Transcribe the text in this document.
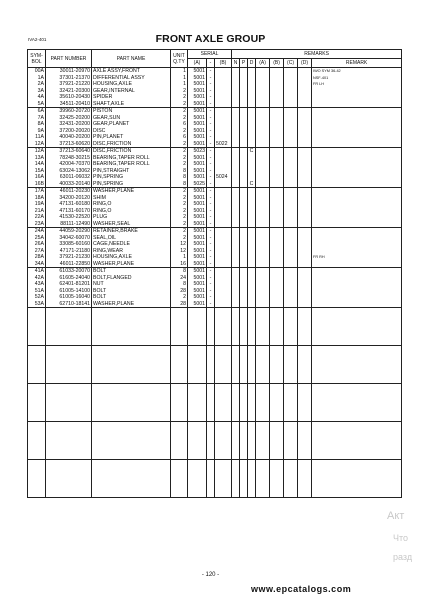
IVA2-401	FRONT AXLE GROUP
SYM-
BOL	PART NUMBER	PART NAME	UNIT
Q.TY	SERIAL			REMARKS							
				(A)	-	(B)	N	P	D	(A)	(B)	(C)	(D)	REMARK
00A	30011-20970	AXLE ASSY,FRONT	1	5001	-									IWO SYM 36-42
1A	37301-21370	DIFFERENTIAL ASSY	1	5001	-									NSF-401
2A	37921-21220	HOUSING,AXLE	1	5001	-									FR LH
3A	32421-20300	GEAR,INTERNAL	2	5001	-									
4A	35610-20430	SPIDER	2	5001	-									
5A	34511-20410	SHAFT,AXLE	2	5001	-									
6A	39960-20720	PISTON	2	5001	-									
7A	32425-20200	GEAR,SUN	2	5001	-									
8A	32431-20200	GEAR,PLANET	6	5001	-									
9A	37200-20020	DISC	2	5001	-									
11A	40040-20200	PIN,PLANET	6	5001	-									
12A	37213-60620	DISC,FRICTION	2	5001	-	5022								
12A	37213-60640	DISC,FRICTION	2	5023	-				C					
13A	78248-30215	BEARING,TAPER ROLL	2	5001	-									
14A	42004-70370	BEARING,TAPER ROLL	2	5001	-									
15A	63024-13062	PIN,STRAIGHT	8	5001	-									
16A	63011-06032	PIN,SPRING	8	5001	-	5024								
16B	40033-20140	PIN,SPRING	8	5025	-				C					
17A	46011-20230	WASHER,PLANE	2	5001	-									
18A	34200-20120	SHIM	2	5001	-									
19A	47131-60180	RING,O	2	5001	-									
21A	47131-60170	RING,O	2	5001	-									
22A	41530-22520	PLUG	2	5001	-									
23A	88111-12490	WASHER,SEAL	2	5001	-									
24A	44059-20290	RETAINER,BRAKE	2	5001	-									
25A	34042-60070	SEAL,OIL	2	5001	-									
26A	33085-60160	CAGE,NEEDLE	12	5001	-									
27A	47171-21180	RING,WEAR	12	5001	-									
28A	37921-21230	HOUSING,AXLE	1	5001	-									FR RH
34A	46011-22850	WASHER,PLANE	16	5001	-									
41A	61033-20070	BOLT	8	5001	-									
42A	61605-24040	BOLT,FLANGED	24	5001	-									
43A	62401-81201	NUT	8	5001	-									
51A	61005-14100	BOLT	28	5001	-									
52A	61005-16040	BOLT	2	5001	-									
53A	62710-18141	WASHER,PLANE	28	5001	-									

- 120 -
www.epcatalogs.com
Акт
Что
разд
